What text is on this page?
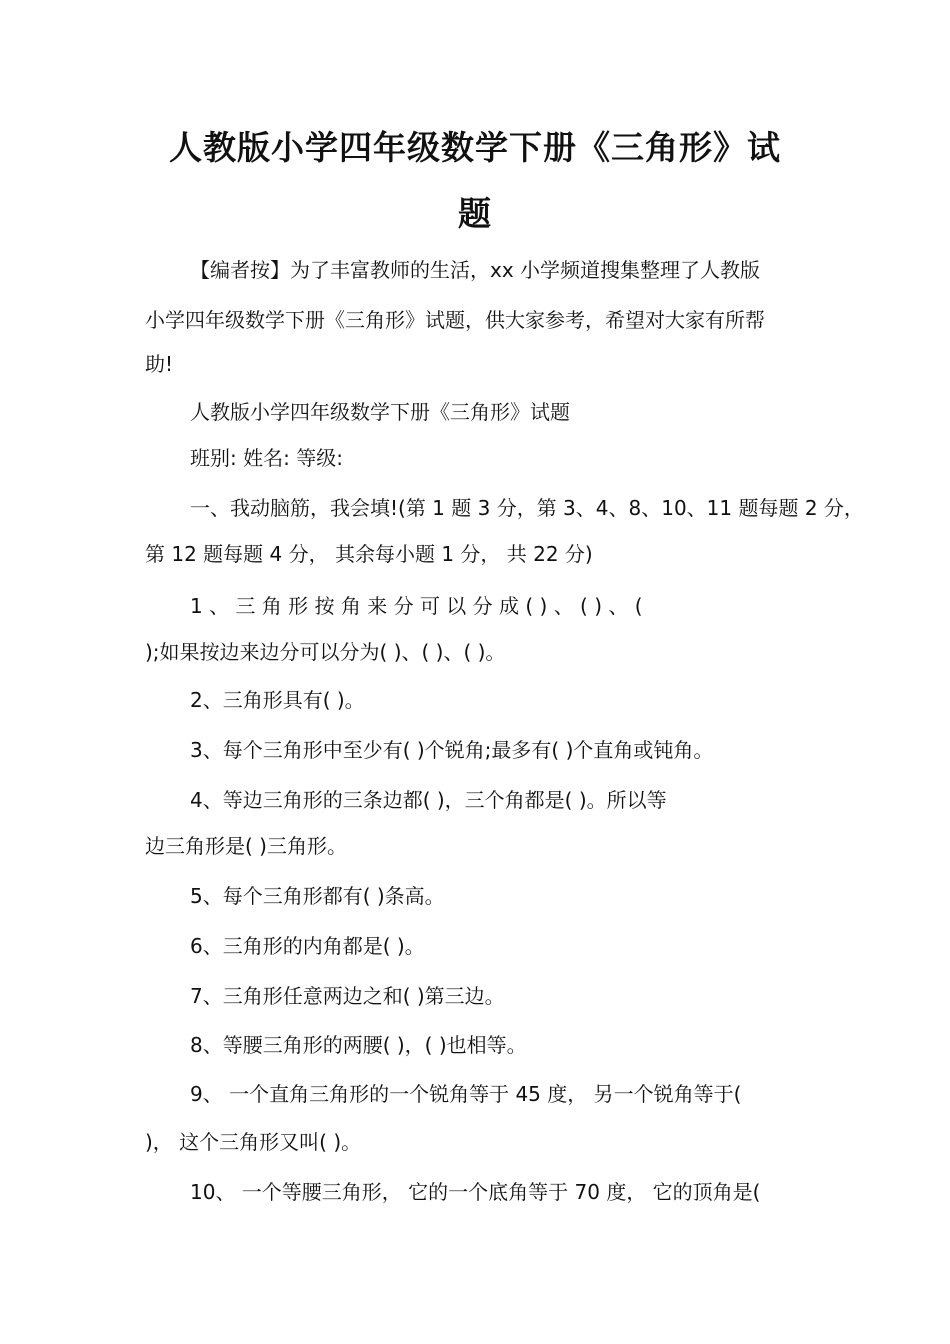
人教版小学四年级数学下册《三角形》试
题
【编者按】为了丰富教师的生活，xx 小学频道搜集整理了人教版
小学四年级数学下册《三角形》试题，供大家参考，希望对大家有所帮
助!
人教版小学四年级数学下册《三角形》试题
班别: 姓名: 等级:
一、我动脑筋，我会填!(第 1 题 3 分，第 3、4、8、10、11 题每题 2 分，
第 12 题每题 4 分， 其余每小题 1 分， 共 22 分)
1 、 三 角 形 按 角 来 分 可 以 分 成 ( ) 、 ( ) 、 (
);如果按边来边分可以分为( )、( )、( )。
2、三角形具有( )。
3、每个三角形中至少有( )个锐角;最多有( )个直角或钝角。
4、等边三角形的三条边都( )，三个角都是( )。所以等
边三角形是( )三角形。
5、每个三角形都有( )条高。
6、三角形的内角都是( )。
7、三角形任意两边之和( )第三边。
8、等腰三角形的两腰( )，( )也相等。
9、 一个直角三角形的一个锐角等于 45 度， 另一个锐角等于(
)， 这个三角形又叫( )。
10、 一个等腰三角形， 它的一个底角等于 70 度， 它的顶角是(
